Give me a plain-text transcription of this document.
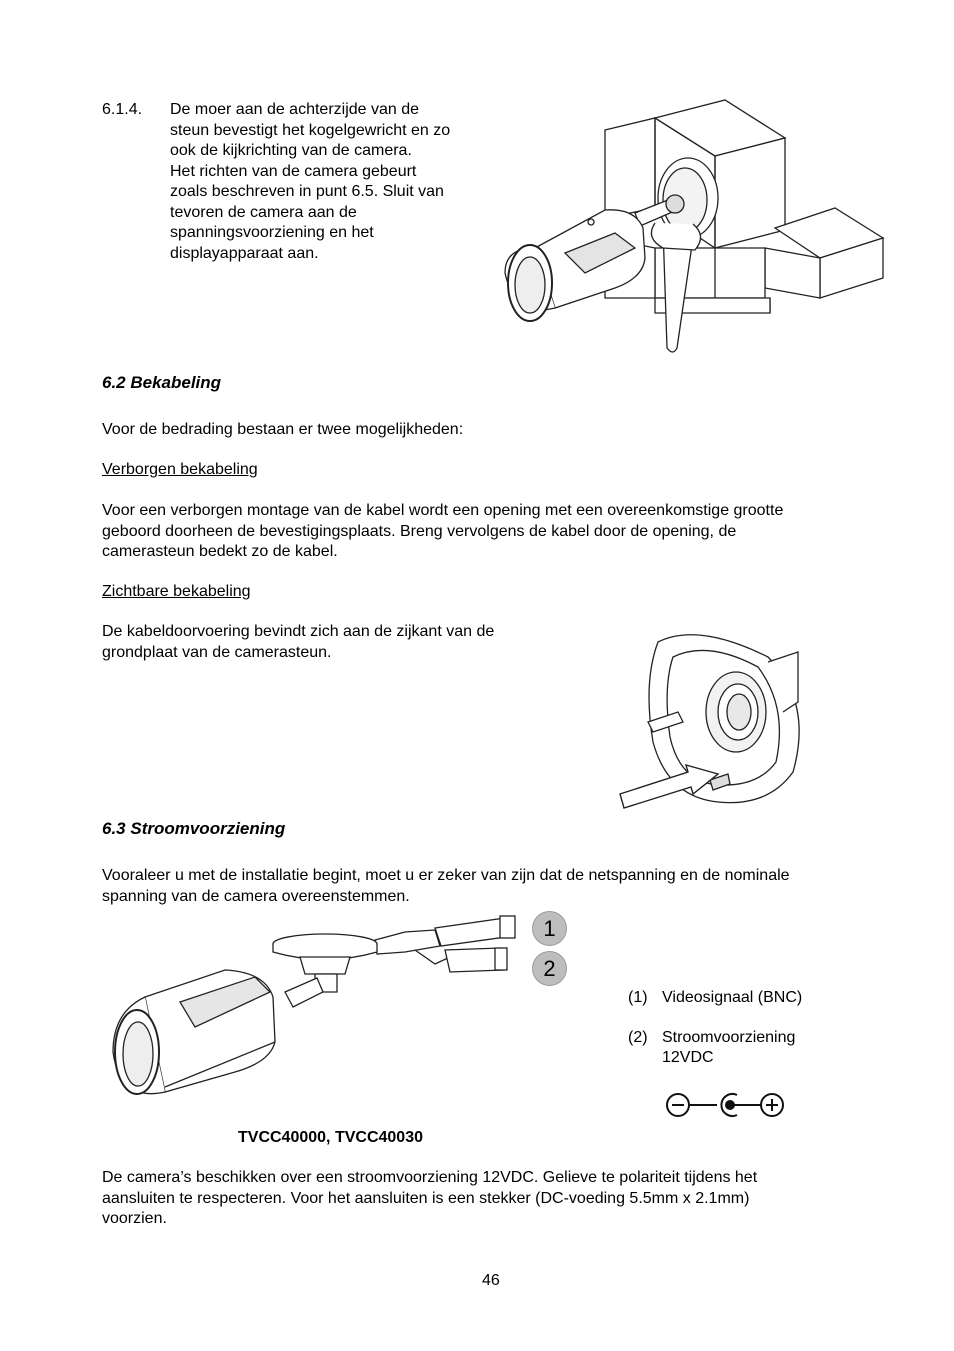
6.1.4. De moer aan de achterzijde van de
steun bevestigt het kogelgewricht en zo
ook de kijkrichting van de camera.
Het richten van de camera gebeurt
zoals beschreven in punt 6.5. Sluit van
tevoren de camera aan de
spanningsvoorziening en het
displayapparaat aan.
6.2 Bekabeling
Voor de bedrading bestaan er twee mogelijkheden:
Verborgen bekabeling
Voor een verborgen montage van de kabel wordt een opening met een overeenkomstige grootte
geboord doorheen de bevestigingsplaats. Breng vervolgens de kabel door de opening, de
camerasteun bedekt zo de kabel.
Zichtbare bekabeling
De kabeldoorvoering bevindt zich aan de zijkant van de
grondplaat van de camerasteun.
6.3 Stroomvoorziening
Vooraleer u met de installatie begint, moet u er zeker van zijn dat de netspanning en de nominale
spanning van de camera overeenstemmen.
1
2
(1) Videosignaal (BNC)
(2) Stroomvoorziening
12VDC
TVCC40000, TVCC40030
De camera’s beschikken over een stroomvoorziening 12VDC. Gelieve te polariteit tijdens het
aansluiten te respecteren. Voor het aansluiten is een stekker (DC-voeding 5.5mm x 2.1mm)
voorzien.
46
